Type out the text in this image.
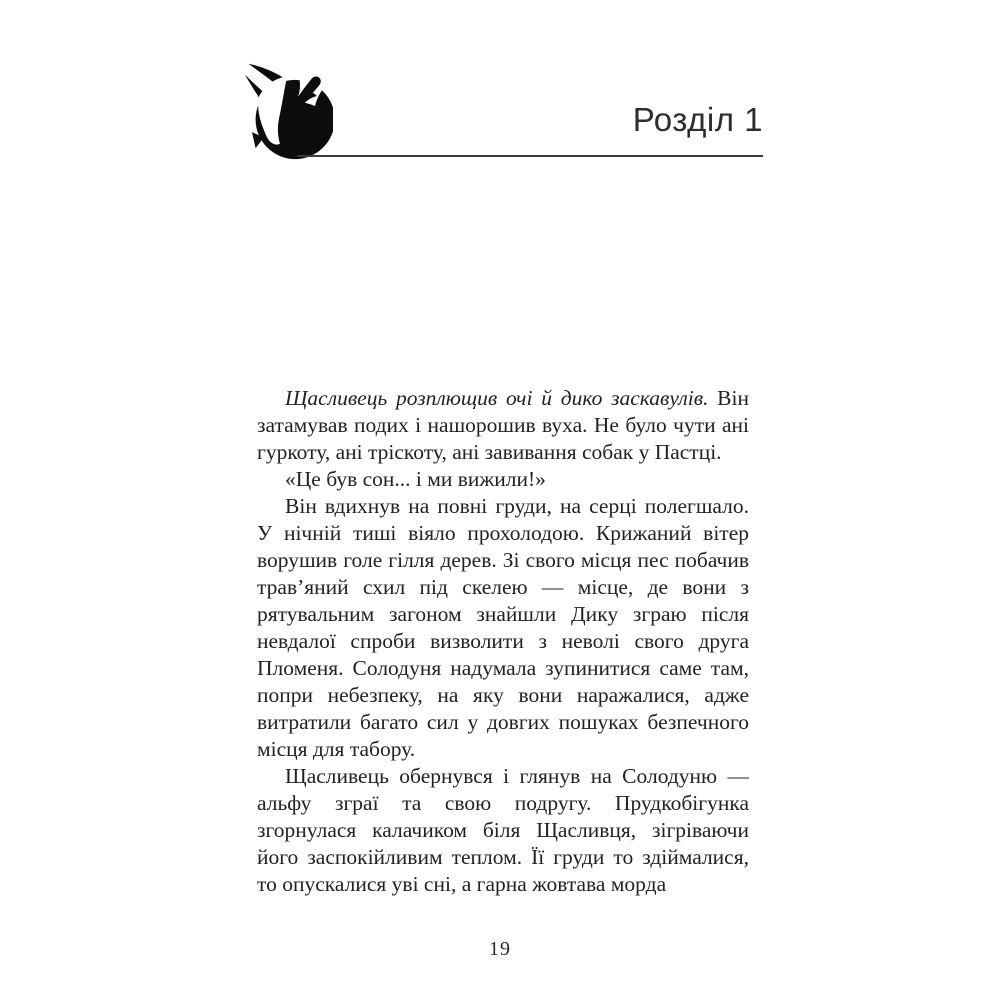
Розділ 1

Щасливець розплющив очі й дико заскавулів. Він затамував подих і нашорошив вуха. Не було чути ані гуркоту, ані тріскоту, ані завивання собак у Пастці.

«Це був сон... і ми вижили!»

Він вдихнув на повні груди, на серці полегшало. У нічній тиші віяло прохолодою. Крижаний вітер ворушив голе гілля дерев. Зі свого місця пес побачив трав’яний схил під скелею — місце, де вони з рятувальним загоном знайшли Дику зграю після невдалої спроби визволити з неволі свого друга Пломеня. Солодуня надумала зупинитися саме там, попри небезпеку, на яку вони наражалися, адже витратили багато сил у довгих пошуках безпечного місця для табору.

Щасливець обернувся і глянув на Солодуню — альфу зграї та свою подругу. Прудкобігунка згорнулася калачиком біля Щасливця, зігріваючи його заспокійливим теплом. Її груди то здіймалися, то опускалися уві сні, а гарна жовтава морда

19
